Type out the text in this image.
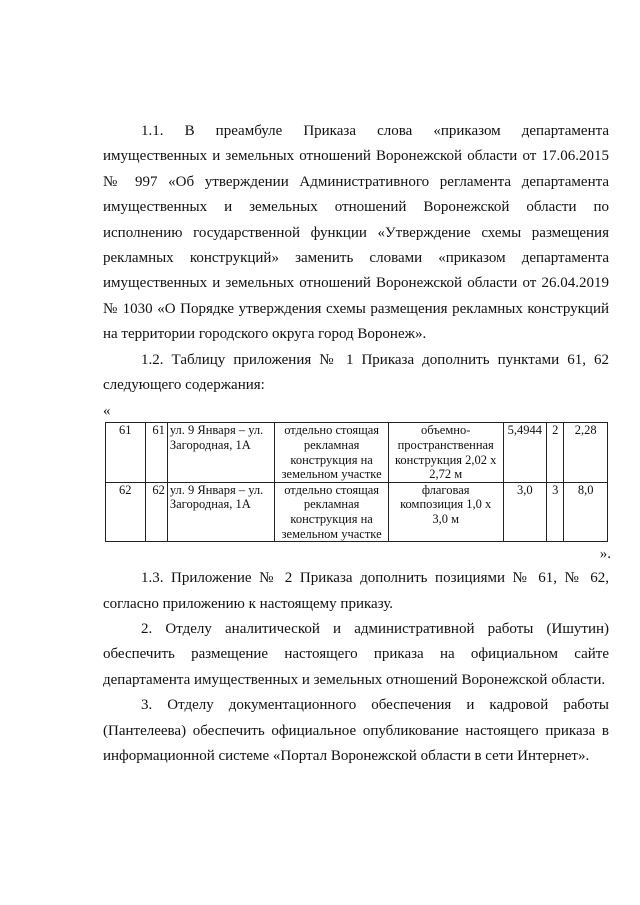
1.1. В преамбуле Приказа слова «приказом департамента имущественных и земельных отношений Воронежской области от 17.06.2015 № 997 «Об утверждении Административного регламента департамента имущественных и земельных отношений Воронежской области по исполнению государственной функции «Утверждение схемы размещения рекламных конструкций» заменить словами «приказом департамента имущественных и земельных отношений Воронежской области от 26.04.2019 № 1030 «О Порядке утверждения схемы размещения рекламных конструкций на территории городского округа город Воронеж».

1.2. Таблицу приложения № 1 Приказа дополнить пунктами 61, 62 следующего содержания:

«
61	61	ул. 9 Января – ул. Загородная, 1А	отдельно стоящая рекламная конструкция на земельном участке	объемно-пространственная конструкция 2,02 х 2,72 м	5,4944	2	2,28
62	62	ул. 9 Января – ул. Загородная, 1А	отдельно стоящая рекламная конструкция на земельном участке	флаговая композиция 1,0 х 3,0 м	3,0	3	8,0
».

1.3. Приложение № 2 Приказа дополнить позициями № 61, № 62, согласно приложению к настоящему приказу.

2. Отделу аналитической и административной работы (Ишутин) обеспечить размещение настоящего приказа на официальном сайте департамента имущественных и земельных отношений Воронежской области.

3. Отделу документационного обеспечения и кадровой работы (Пантелеева) обеспечить официальное опубликование настоящего приказа в информационной системе «Портал Воронежской области в сети Интернет».
